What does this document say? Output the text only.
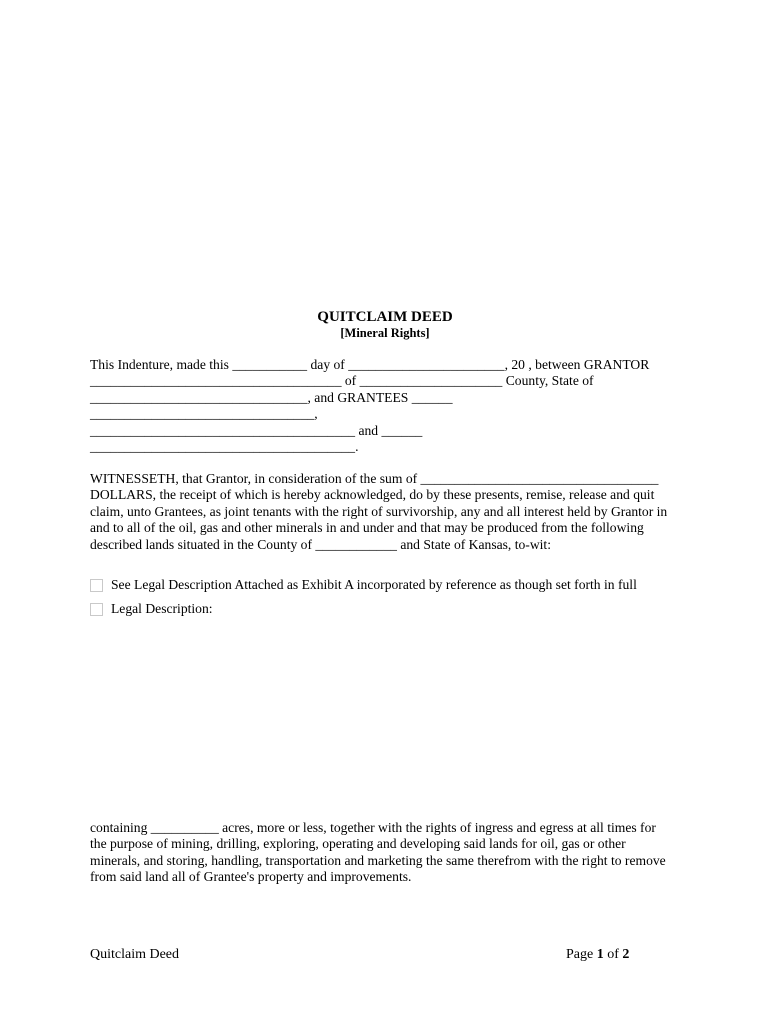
QUITCLAIM DEED
[Mineral Rights]
This Indenture, made this ___________ day of _______________________, 20 , between GRANTOR
_____________________________________ of _____________________ County, State of
________________________________, and GRANTEES ______
_________________________________,
_______________________________________ and ______
_______________________________________.
WITNESSETH, that Grantor, in consideration of the sum of ___________________________________
DOLLARS, the receipt of which is hereby acknowledged, do by these presents, remise, release and quit
claim, unto Grantees, as joint tenants with the right of survivorship, any and all interest held by Grantor in
and to all of the oil, gas and other minerals in and under and that may be produced from the following
described lands situated in the County of ____________ and State of Kansas, to-wit:
See Legal Description Attached as Exhibit A incorporated by reference as though set forth in full
Legal Description:
containing __________ acres, more or less, together with the rights of ingress and egress at all times for
the purpose of mining, drilling, exploring, operating and developing said lands for oil, gas or other
minerals, and storing, handling, transportation and marketing the same therefrom with the right to remove
from said land all of Grantee's property and improvements.
Quitclaim Deed	Page 1 of 2
